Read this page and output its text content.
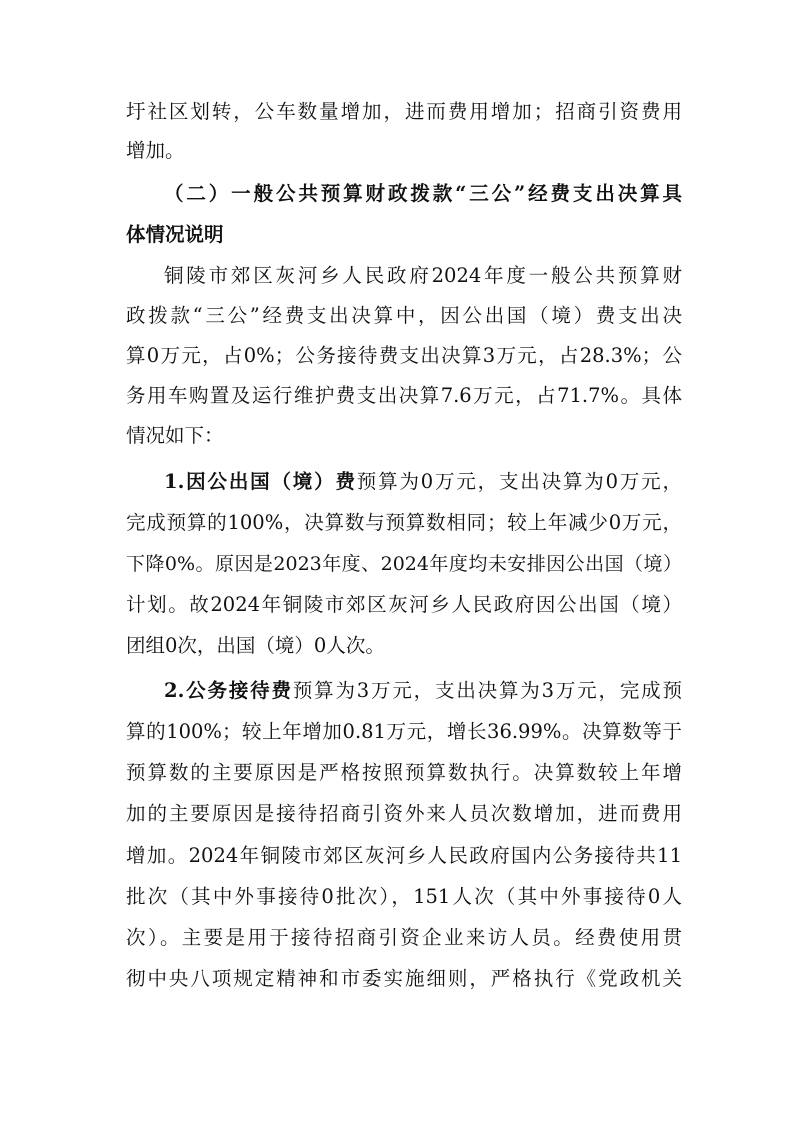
圩社区划转，公车数量增加，进而费用增加；招商引资费用
增加。
（二）一般公共预算财政拨款“三公”经费支出决算具
体情况说明
铜陵市郊区灰河乡人民政府2024年度一般公共预算财
政拨款“三公”经费支出决算中，因公出国（境）费支出决
算0万元，占0%；公务接待费支出决算3万元，占28.3%；公
务用车购置及运行维护费支出决算7.6万元，占71.7%。具体
情况如下：
1.因公出国（境）费预算为0万元，支出决算为0万元，
完成预算的100%，决算数与预算数相同；较上年减少0万元，
下降0%。原因是2023年度、2024年度均未安排因公出国（境）
计划。故2024年铜陵市郊区灰河乡人民政府因公出国（境）
团组0次，出国（境）0人次。
2.公务接待费预算为3万元，支出决算为3万元，完成预
算的100%；较上年增加0.81万元，增长36.99%。决算数等于
预算数的主要原因是严格按照预算数执行。决算数较上年增
加的主要原因是接待招商引资外来人员次数增加，进而费用
增加。2024年铜陵市郊区灰河乡人民政府国内公务接待共11
批次（其中外事接待0批次），151人次（其中外事接待0人
次）。主要是用于接待招商引资企业来访人员。经费使用贯
彻中央八项规定精神和市委实施细则，严格执行《党政机关
